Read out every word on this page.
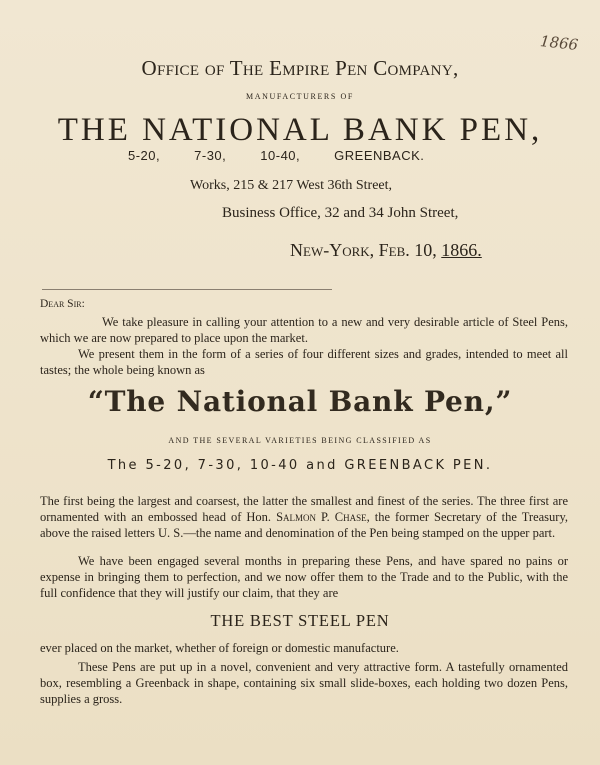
1866
Office of The Empire Pen Company,
MANUFACTURERS OF
THE NATIONAL BANK PEN,
5-20,	7-30,	10-40,	GREENBACK.
Works, 215 & 217 West 36th Street,
Business Office, 32 and 34 John Street,
New-York, Feb. 10, 1866.
Dear Sir:
We take pleasure in calling your attention to a new and very desirable article of Steel Pens, which we are now prepared to place upon the market.
We present them in the form of a series of four different sizes and grades, intended to meet all tastes; the whole being known as
“The National Bank Pen,”
AND THE SEVERAL VARIETIES BEING CLASSIFIED AS
The 5-20, 7-30, 10-40 and GREENBACK PEN.
The first being the largest and coarsest, the latter the smallest and finest of the series. The three first are ornamented with an embossed head of Hon. Salmon P. Chase, the former Secretary of the Treasury, above the raised letters U. S.—the name and denomination of the Pen being stamped on the upper part.
We have been engaged several months in preparing these Pens, and have spared no pains or expense in bringing them to perfection, and we now offer them to the Trade and to the Public, with the full confidence that they will justify our claim, that they are
THE BEST STEEL PEN
ever placed on the market, whether of foreign or domestic manufacture.
These Pens are put up in a novel, convenient and very attractive form. A tastefully ornamented box, resembling a Greenback in shape, containing six small slide-boxes, each holding two dozen Pens, supplies a gross.
